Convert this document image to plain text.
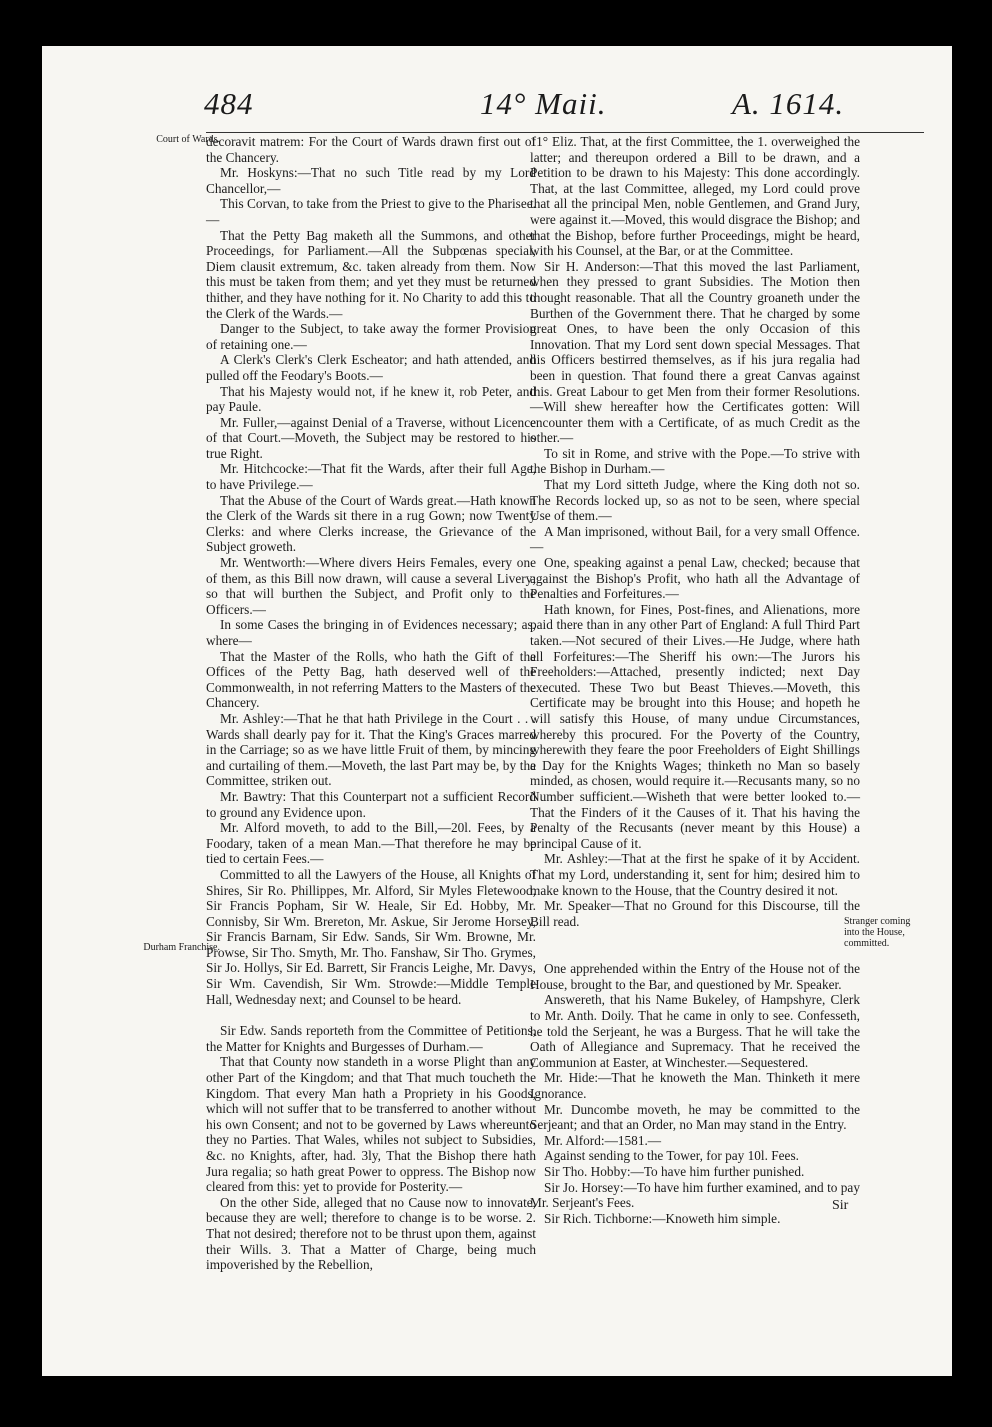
484	14° Maii.	A. 1614.
Court of Wards.
Durham Franchise.
Stranger coming into the House, committed.

decoravit matrem: For the Court of Wards drawn first out of the Chancery.

Mr. Hoskyns:—That no such Title read by my Lord Chancellor,—

This Corvan, to take from the Priest to give to the Pharisee.—

That the Petty Bag maketh all the Summons, and other Proceedings, for Parliament.—All the Subpœnas special, Diem clausit extremum, &c. taken already from them. Now this must be taken from them; and yet they must be returned thither, and they have nothing for it. No Charity to add this to the Clerk of the Wards.—

Danger to the Subject, to take away the former Provision of retaining one.—

A Clerk's Clerk's Clerk Escheator; and hath attended, and pulled off the Feodary's Boots.—

That his Majesty would not, if he knew it, rob Peter, and pay Paule.

Mr. Fuller,—against Denial of a Traverse, without Licence of that Court.—Moveth, the Subject may be restored to his true Right.

Mr. Hitchcocke:—That fit the Wards, after their full Age, to have Privilege.—

That the Abuse of the Court of Wards great.—Hath known the Clerk of the Wards sit there in a rug Gown; now Twenty Clerks: and where Clerks increase, the Grievance of the Subject groweth.

Mr. Wentworth:—Where divers Heirs Females, every one of them, as this Bill now drawn, will cause a several Livery; so that will burthen the Subject, and Profit only to the Officers.—

In some Cases the bringing in of Evidences necessary; as, where—

That the Master of the Rolls, who hath the Gift of the Offices of the Petty Bag, hath deserved well of the Commonwealth, in not referring Matters to the Masters of the Chancery.

Mr. Ashley:—That he that hath Privilege in the Court . . . Wards shall dearly pay for it. That the King's Graces marred in the Carriage; so as we have little Fruit of them, by mincing and curtailing of them.—Moveth, the last Part may be, by the Committee, striken out.

Mr. Bawtry: That this Counterpart not a sufficient Record to ground any Evidence upon.

Mr. Alford moveth, to add to the Bill,—20l. Fees, by a Foodary, taken of a mean Man.—That therefore he may be tied to certain Fees.—

Committed to all the Lawyers of the House, all Knights of Shires, Sir Ro. Phillippes, Mr. Alford, Sir Myles Fletewood, Sir Francis Popham, Sir W. Heale, Sir Ed. Hobby, Mr. Connisby, Sir Wm. Brereton, Mr. Askue, Sir Jerome Horsey, Sir Francis Barnam, Sir Edw. Sands, Sir Wm. Browne, Mr. Prowse, Sir Tho. Smyth, Mr. Tho. Fanshaw, Sir Tho. Grymes, Sir Jo. Hollys, Sir Ed. Barrett, Sir Francis Leighe, Mr. Davys, Sir Wm. Cavendish, Sir Wm. Strowde:—Middle Temple Hall, Wednesday next; and Counsel to be heard.

Sir Edw. Sands reporteth from the Committee of Petitions, the Matter for Knights and Burgesses of Durham.—

That that County now standeth in a worse Plight than any other Part of the Kingdom; and that That much toucheth the Kingdom. That every Man hath a Propriety in his Goods, which will not suffer that to be transferred to another without his own Consent; and not to be governed by Laws whereunto they no Parties. That Wales, whiles not subject to Subsidies, &c. no Knights, after, had. 3ly, That the Bishop there hath Jura regalia; so hath great Power to oppress. The Bishop now cleared from this: yet to provide for Posterity.—

On the other Side, alleged that no Cause now to innovate, because they are well; therefore to change is to be worse. 2. That not desired; therefore not to be thrust upon them, against their Wills. 3. That a Matter of Charge, being much impoverished by the Rebellion,

11° Eliz. That, at the first Committee, the 1. overweighed the latter; and thereupon ordered a Bill to be drawn, and a Petition to be drawn to his Majesty: This done accordingly. That, at the last Committee, alleged, my Lord could prove that all the principal Men, noble Gentlemen, and Grand Jury, were against it.—Moved, this would disgrace the Bishop; and that the Bishop, before further Proceedings, might be heard, with his Counsel, at the Bar, or at the Committee.

Sir H. Anderson:—That this moved the last Parliament, when they pressed to grant Subsidies. The Motion then thought reasonable. That all the Country groaneth under the Burthen of the Government there. That he charged by some great Ones, to have been the only Occasion of this Innovation. That my Lord sent down special Messages. That his Officers bestirred themselves, as if his jura regalia had been in question. That found there a great Canvas against this. Great Labour to get Men from their former Resolutions.—Will shew hereafter how the Certificates gotten: Will encounter them with a Certificate, of as much Credit as the other.—

To sit in Rome, and strive with the Pope.—To strive with the Bishop in Durham.—

That my Lord sitteth Judge, where the King doth not so. The Records locked up, so as not to be seen, where special Use of them.—

A Man imprisoned, without Bail, for a very small Offence.—

One, speaking against a penal Law, checked; because that against the Bishop's Profit, who hath all the Advantage of Penalties and Forfeitures.—

Hath known, for Fines, Post-fines, and Alienations, more paid there than in any other Part of England: A full Third Part taken.—Not secured of their Lives.—He Judge, where hath all Forfeitures:—The Sheriff his own:—The Jurors his Freeholders:—Attached, presently indicted; next Day executed. These Two but Beast Thieves.—Moveth, this Certificate may be brought into this House; and hopeth he will satisfy this House, of many undue Circumstances, whereby this procured. For the Poverty of the Country, wherewith they feare the poor Freeholders of Eight Shillings a Day for the Knights Wages; thinketh no Man so basely minded, as chosen, would require it.—Recusants many, so no Number sufficient.—Wisheth that were better looked to.—That the Finders of it the Causes of it. That his having the Penalty of the Recusants (never meant by this House) a principal Cause of it.

Mr. Ashley:—That at the first he spake of it by Accident. That my Lord, understanding it, sent for him; desired him to make known to the House, that the Country desired it not.

Mr. Speaker—That no Ground for this Discourse, till the Bill read.

One apprehended within the Entry of the House not of the House, brought to the Bar, and questioned by Mr. Speaker.

Answereth, that his Name Bukeley, of Hampshyre, Clerk to Mr. Anth. Doily. That he came in only to see. Confesseth, he told the Serjeant, he was a Burgess. That he will take the Oath of Allegiance and Supremacy. That he received the Communion at Easter, at Winchester.—Sequestered.

Mr. Hide:—That he knoweth the Man. Thinketh it mere Ignorance.

Mr. Duncombe moveth, he may be committed to the Serjeant; and that an Order, no Man may stand in the Entry.

Mr. Alford:—1581.—

Against sending to the Tower, for pay 10l. Fees.

Sir Tho. Hobby:—To have him further punished.

Sir Jo. Horsey:—To have him further examined, and to pay Mr. Serjeant's Fees.

Sir Rich. Tichborne:—Knoweth him simple.

Sir
